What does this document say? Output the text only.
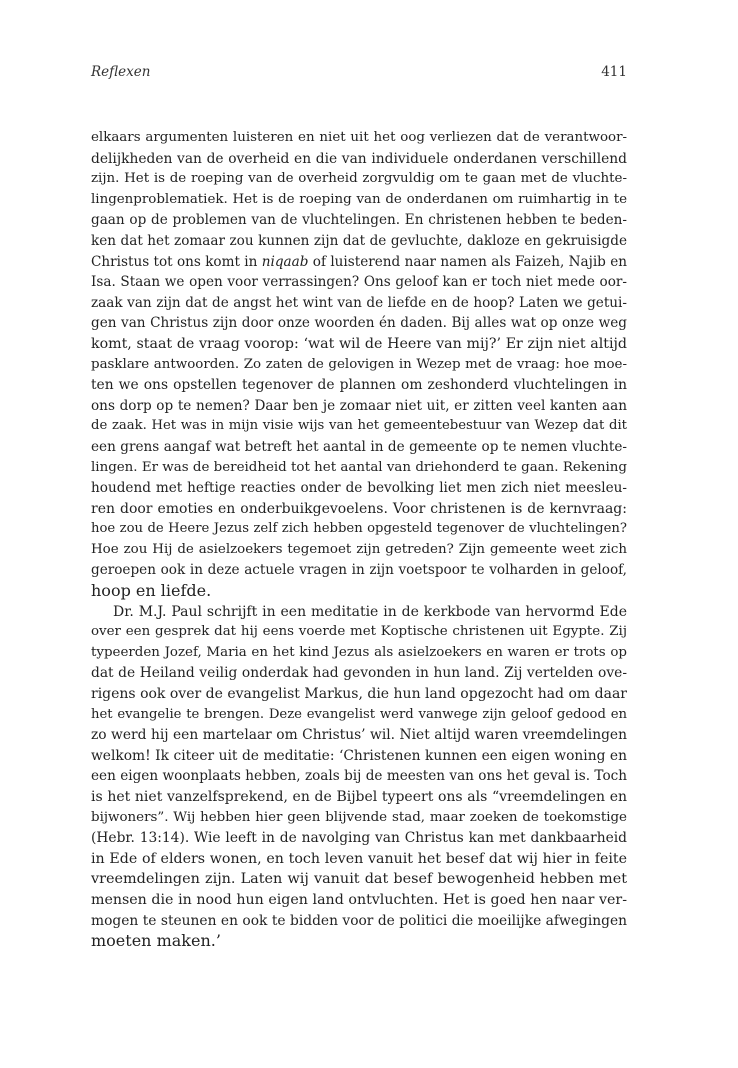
Reflexen	411
elkaars argumenten luisteren en niet uit het oog verliezen dat de verantwoor-
delijkheden van de overheid en die van individuele onderdanen verschillend
zijn. Het is de roeping van de overheid zorgvuldig om te gaan met de vluchte-
lingenproblematiek. Het is de roeping van de onderdanen om ruimhartig in te
gaan op de problemen van de vluchtelingen. En christenen hebben te beden-
ken dat het zomaar zou kunnen zijn dat de gevluchte, dakloze en gekruisigde
Christus tot ons komt in niqaab of luisterend naar namen als Faizeh, Najib en
Isa. Staan we open voor verrassingen? Ons geloof kan er toch niet mede oor-
zaak van zijn dat de angst het wint van de liefde en de hoop? Laten we getui-
gen van Christus zijn door onze woorden én daden. Bij alles wat op onze weg
komt, staat de vraag voorop: ‘wat wil de Heere van mij?’ Er zijn niet altijd
pasklare antwoorden. Zo zaten de gelovigen in Wezep met de vraag: hoe moe-
ten we ons opstellen tegenover de plannen om zeshonderd vluchtelingen in
ons dorp op te nemen? Daar ben je zomaar niet uit, er zitten veel kanten aan
de zaak. Het was in mijn visie wijs van het gemeentebestuur van Wezep dat dit
een grens aangaf wat betreft het aantal in de gemeente op te nemen vluchte-
lingen. Er was de bereidheid tot het aantal van driehonderd te gaan. Rekening
houdend met heftige reacties onder de bevolking liet men zich niet meesleu-
ren door emoties en onderbuikgevoelens. Voor christenen is de kernvraag:
hoe zou de Heere Jezus zelf zich hebben opgesteld tegenover de vluchtelingen?
Hoe zou Hij de asielzoekers tegemoet zijn getreden? Zijn gemeente weet zich
geroepen ook in deze actuele vragen in zijn voetspoor te volharden in geloof,
hoop en liefde.
Dr. M.J. Paul schrijft in een meditatie in de kerkbode van hervormd Ede
over een gesprek dat hij eens voerde met Koptische christenen uit Egypte. Zij
typeerden Jozef, Maria en het kind Jezus als asielzoekers en waren er trots op
dat de Heiland veilig onderdak had gevonden in hun land. Zij vertelden ove-
rigens ook over de evangelist Markus, die hun land opgezocht had om daar
het evangelie te brengen. Deze evangelist werd vanwege zijn geloof gedood en
zo werd hij een martelaar om Christus’ wil. Niet altijd waren vreemdelingen
welkom! Ik citeer uit de meditatie: ‘Christenen kunnen een eigen woning en
een eigen woonplaats hebben, zoals bij de meesten van ons het geval is. Toch
is het niet vanzelfsprekend, en de Bijbel typeert ons als “vreemdelingen en
bijwoners”. Wij hebben hier geen blijvende stad, maar zoeken de toekomstige
(Hebr. 13:14). Wie leeft in de navolging van Christus kan met dankbaarheid
in Ede of elders wonen, en toch leven vanuit het besef dat wij hier in feite
vreemdelingen zijn. Laten wij vanuit dat besef bewogenheid hebben met
mensen die in nood hun eigen land ontvluchten. Het is goed hen naar ver-
mogen te steunen en ook te bidden voor de politici die moeilijke afwegingen
moeten maken.’
